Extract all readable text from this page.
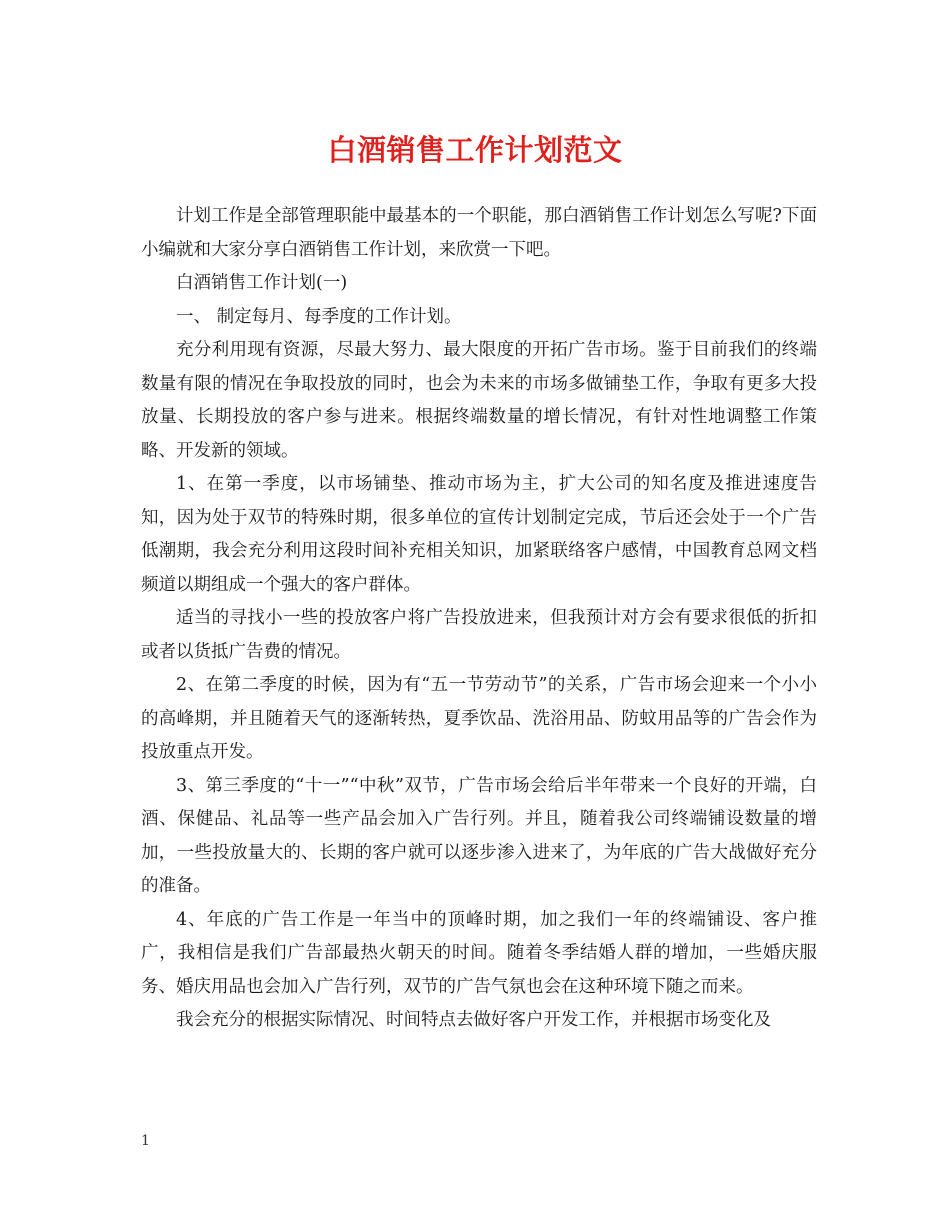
白酒销售工作计划范文

计划工作是全部管理职能中最基本的一个职能，那白酒销售工作计划怎么写呢?下面小编就和大家分享白酒销售工作计划，来欣赏一下吧。

白酒销售工作计划(一)

一、 制定每月、每季度的工作计划。

充分利用现有资源，尽最大努力、最大限度的开拓广告市场。鉴于目前我们的终端数量有限的情况在争取投放的同时，也会为未来的市场多做铺垫工作，争取有更多大投放量、长期投放的客户参与进来。根据终端数量的增长情况，有针对性地调整工作策略、开发新的领域。

1、在第一季度，以市场铺垫、推动市场为主，扩大公司的知名度及推进速度告知，因为处于双节的特殊时期，很多单位的宣传计划制定完成，节后还会处于一个广告低潮期，我会充分利用这段时间补充相关知识，加紧联络客户感情，中国教育总网文档频道以期组成一个强大的客户群体。

适当的寻找小一些的投放客户将广告投放进来，但我预计对方会有要求很低的折扣或者以货抵广告费的情况。

2、在第二季度的时候，因为有“五一节劳动节”的关系，广告市场会迎来一个小小的高峰期，并且随着天气的逐渐转热，夏季饮品、洗浴用品、防蚊用品等的广告会作为投放重点开发。

3、第三季度的“十一”“中秋”双节，广告市场会给后半年带来一个良好的开端，白酒、保健品、礼品等一些产品会加入广告行列。并且，随着我公司终端铺设数量的增加，一些投放量大的、长期的客户就可以逐步渗入进来了，为年底的广告大战做好充分的准备。

4、年底的广告工作是一年当中的顶峰时期，加之我们一年的终端铺设、客户推广，我相信是我们广告部最热火朝天的时间。随着冬季结婚人群的增加，一些婚庆服务、婚庆用品也会加入广告行列，双节的广告气氛也会在这种环境下随之而来。

我会充分的根据实际情况、时间特点去做好客户开发工作，并根据市场变化及

1
